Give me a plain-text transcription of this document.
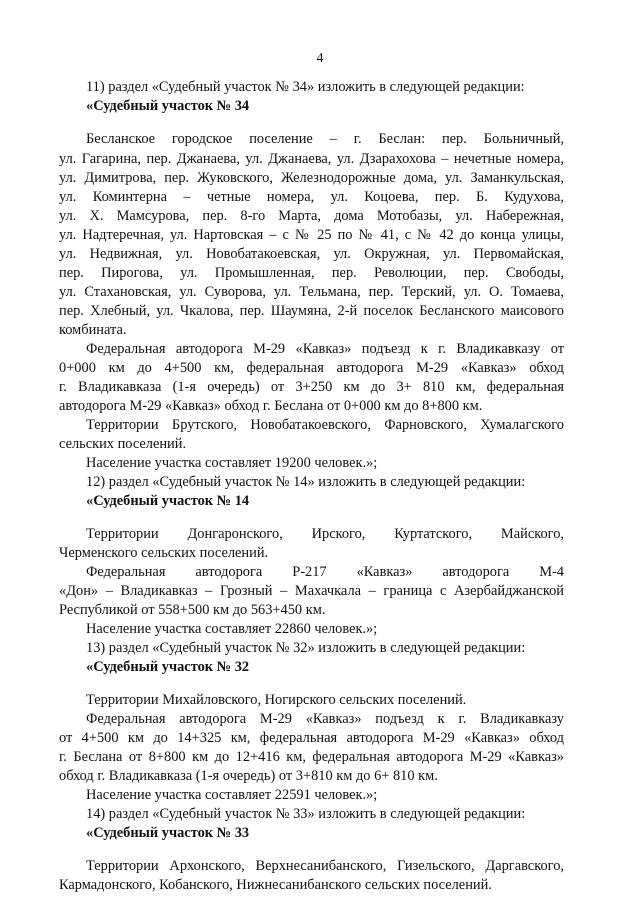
4
11) раздел «Судебный участок № 34» изложить в следующей редакции:
«Судебный участок № 34
Бесланское городское поселение – г. Беслан: пер. Больничный,
ул. Гагарина, пер. Джанаева, ул. Джанаева, ул. Дзарахохова – нечетные номера,
ул. Димитрова, пер. Жуковского, Железнодорожные дома, ул. Заманкульская,
ул. Коминтерна – четные номера, ул. Коцоева, пер. Б. Кудухова,
ул. Х. Мамсурова, пер. 8-го Марта, дома Мотобазы, ул. Набережная,
ул. Надтеречная, ул. Нартовская – с № 25 по № 41, с № 42 до конца улицы,
ул. Недвижная, ул. Новобатакоевская, ул. Окружная, ул. Первомайская,
пер. Пирогова, ул. Промышленная, пер. Революции, пер. Свободы,
ул. Стахановская, ул. Суворова, ул. Тельмана, пер. Терский, ул. О. Томаева,
пер. Хлебный, ул. Чкалова, пер. Шаумяна, 2-й поселок Бесланского маисового
комбината.
Федеральная автодорога М-29 «Кавказ» подъезд к г. Владикавказу от
0+000 км до 4+500 км, федеральная автодорога М-29 «Кавказ» обход
г. Владикавказа (1-я очередь) от 3+250 км до 3+ 810 км, федеральная
автодорога М-29 «Кавказ» обход г. Беслана от 0+000 км до 8+800 км.
Территории Брутского, Новобатакоевского, Фарновского, Хумалагского
сельских поселений.
Население участка составляет 19200 человек.»;
12) раздел «Судебный участок № 14» изложить в следующей редакции:
«Судебный участок № 14
Территории Донгаронского, Ирского, Куртатского, Майского,
Черменского сельских поселений.
Федеральная автодорога Р-217 «Кавказ» автодорога М-4
«Дон» – Владикавказ – Грозный – Махачкала – граница с Азербайджанской
Республикой от 558+500 км до 563+450 км.
Население участка составляет 22860 человек.»;
13) раздел «Судебный участок № 32» изложить в следующей редакции:
«Судебный участок № 32
Территории Михайловского, Ногирского сельских поселений.
Федеральная автодорога М-29 «Кавказ» подъезд к г. Владикавказу
от 4+500 км до 14+325 км, федеральная автодорога М-29 «Кавказ» обход
г. Беслана от 8+800 км до 12+416 км, федеральная автодорога М-29 «Кавказ»
обход г. Владикавказа (1-я очередь) от 3+810 км до 6+ 810 км.
Население участка составляет 22591 человек.»;
14) раздел «Судебный участок № 33» изложить в следующей редакции:
«Судебный участок № 33
Территории Архонского, Верхнесанибанского, Гизельского, Даргавского,
Кармадонского, Кобанского, Нижнесанибанского сельских поселений.
